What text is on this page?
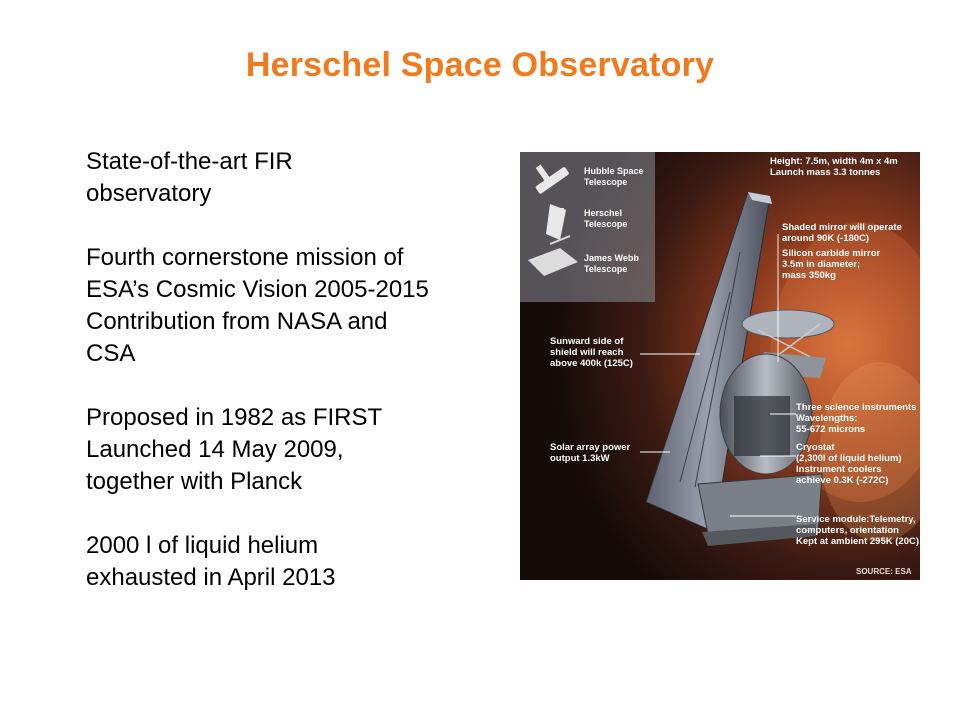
Herschel Space Observatory
State-of-the-art FIR
observatory
Fourth cornerstone mission of
ESA’s Cosmic Vision 2005-2015
Contribution from NASA and
CSA
Proposed in 1982 as FIRST
Launched 14 May 2009,
together with Planck
2000 l of liquid helium
exhausted in April 2013
Hubble Space Telescope
Herschel Telescope
James Webb Telescope
Height: 7.5m, width 4m x 4m Launch mass 3.3 tonnes
Shaded mirror will operate around 90K (-180C)
Silicon carbide mirror 3.5m in diameter; mass 350kg
Sunward side of shield will reach above 400k (125C)
Three science instruments Wavelengths: 55-672 microns
Cryostat (2,300l of liquid helium) Instrument coolers achieve 0.3K (-272C)
Solar array power output 1.3kW
Service module:Telemetry, computers, orientation Kept at ambient 295K (20C)
SOURCE: ESA
